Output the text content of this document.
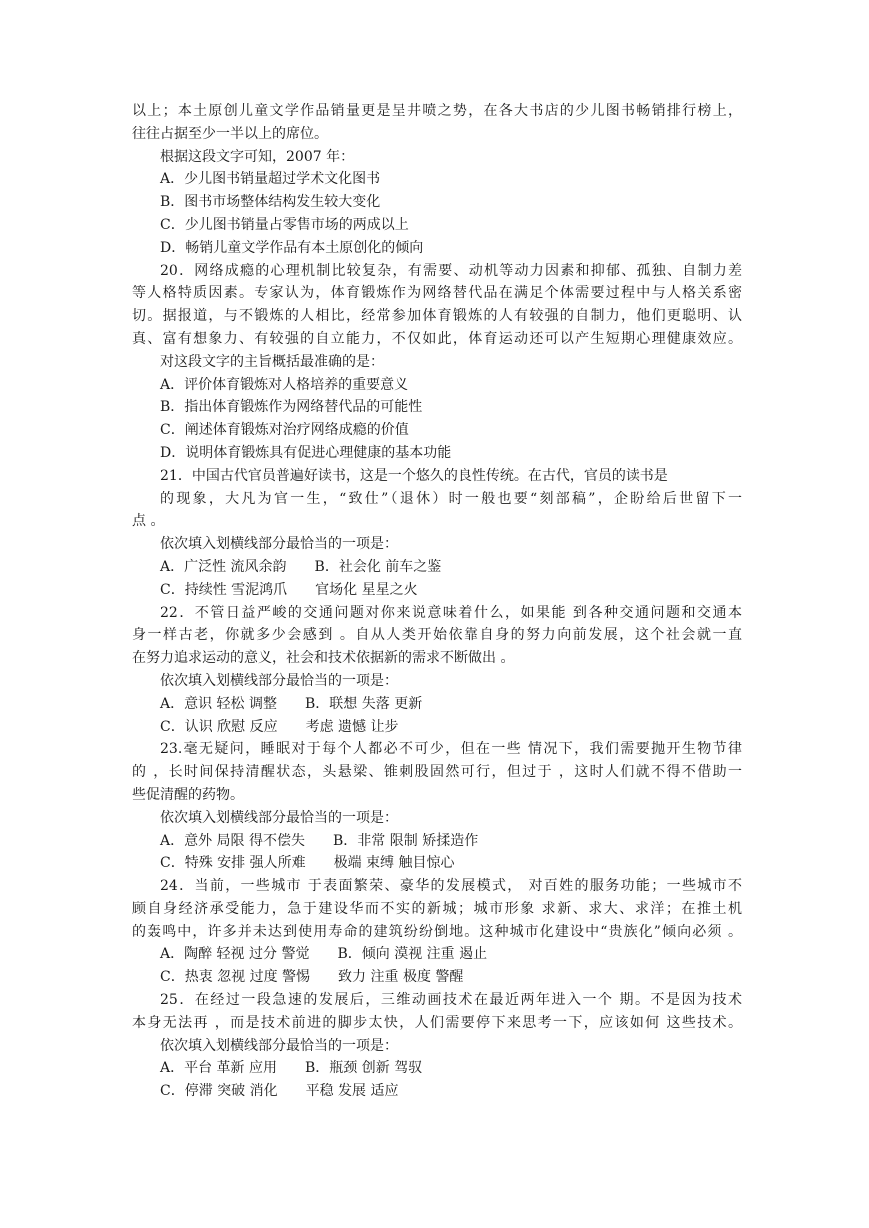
以上；本土原创儿童文学作品销量更是呈井喷之势，在各大书店的少儿图书畅销排行榜上，

往往占据至少一半以上的席位。

根据这段文字可知，2007 年：

A．少儿图书销量超过学术文化图书

B．图书市场整体结构发生较大变化

C．少儿图书销量占零售市场的两成以上

D．畅销儿童文学作品有本土原创化的倾向

20．网络成瘾的心理机制比较复杂，有需要、动机等动力因素和抑郁、孤独、自制力差

等人格特质因素。专家认为，体育锻炼作为网络替代品在满足个体需要过程中与人格关系密

切。据报道，与不锻炼的人相比，经常参加体育锻炼的人有较强的自制力，他们更聪明、认

真、富有想象力、有较强的自立能力，不仅如此，体育运动还可以产生短期心理健康效应。

对这段文字的主旨概括最准确的是：

A．评价体育锻炼对人格培养的重要意义

B．指出体育锻炼作为网络替代品的可能性

C．阐述体育锻炼对治疗网络成瘾的价值

D．说明体育锻炼具有促进心理健康的基本功能

21．中国古代官员普遍好读书，这是一个悠久的良性传统。在古代，官员的读书是

的现象，大凡为官一生，“致仕”（退休）时一般也要“刻部稿”，企盼给后世留下一

点 。

依次填入划横线部分最恰当的一项是：

A．广泛性 流风余韵　　B．社会化 前车之鉴

C．持续性 雪泥鸿爪　　官场化 星星之火

22．不管日益严峻的交通问题对你来说意味着什么，如果能 到各种交通问题和交通本

身一样古老，你就多少会感到 。自从人类开始依靠自身的努力向前发展，这个社会就一直

在努力追求运动的意义，社会和技术依据新的需求不断做出 。

依次填入划横线部分最恰当的一项是：

A．意识 轻松 调整　　B．联想 失落 更新

C．认识 欣慰 反应　　考虑 遗憾 让步

23.毫无疑问，睡眠对于每个人都必不可少，但在一些 情况下，我们需要抛开生物节律

的 ，长时间保持清醒状态，头悬梁、锥刺股固然可行，但过于 ，这时人们就不得不借助一

些促清醒的药物。

依次填入划横线部分最恰当的一项是：

A．意外 局限 得不偿失　　B．非常 限制 矫揉造作

C．特殊 安排 强人所难　　极端 束缚 触目惊心

24．当前，一些城市 于表面繁荣、豪华的发展模式， 对百姓的服务功能；一些城市不

顾自身经济承受能力，急于建设华而不实的新城；城市形象 求新、求大、求洋；在推土机

的轰鸣中，许多并未达到使用寿命的建筑纷纷倒地。这种城市化建设中“贵族化”倾向必须 。

A．陶醉 轻视 过分 警觉　　B．倾向 漠视 注重 遏止

C．热衷 忽视 过度 警惕　　致力 注重 极度 警醒

25．在经过一段急速的发展后，三维动画技术在最近两年进入一个 期。不是因为技术

本身无法再 ，而是技术前进的脚步太快，人们需要停下来思考一下，应该如何 这些技术。

依次填入划横线部分最恰当的一项是：

A．平台 革新 应用　　B．瓶颈 创新 驾驭

C．停滞 突破 消化　　平稳 发展 适应
